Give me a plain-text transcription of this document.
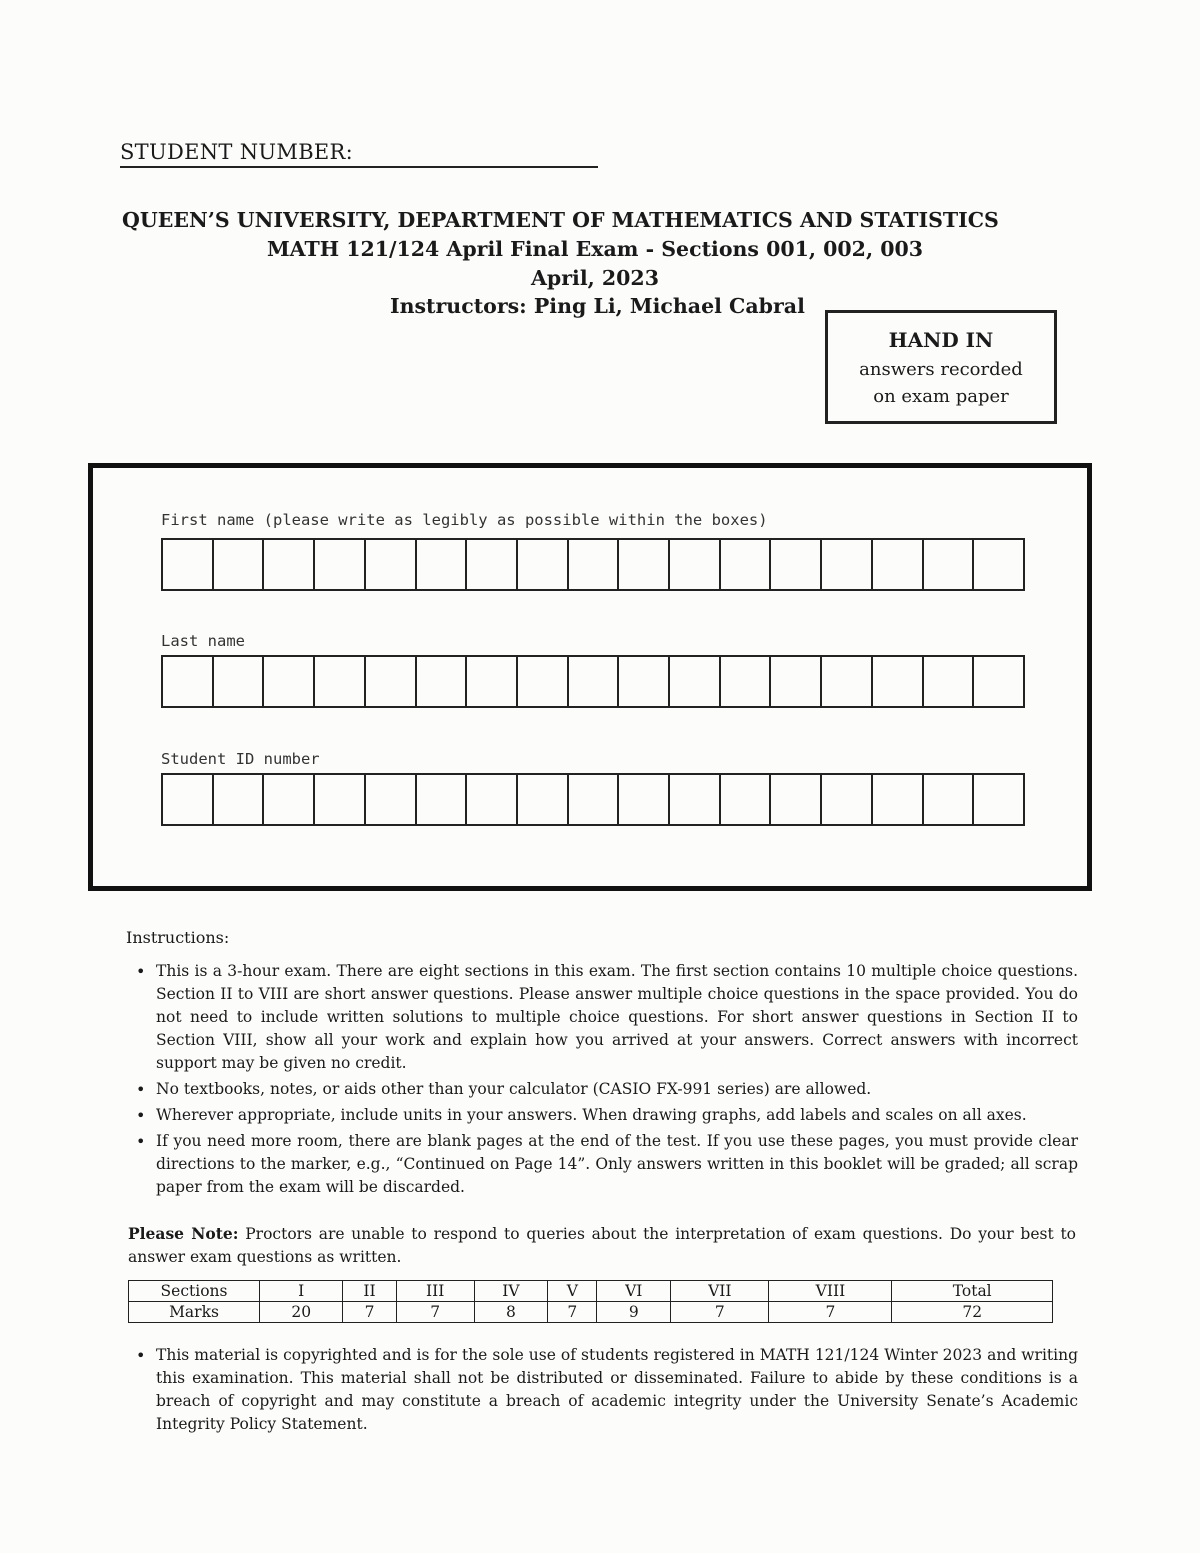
STUDENT NUMBER:
QUEEN’S UNIVERSITY, DEPARTMENT OF MATHEMATICS AND STATISTICS
MATH 121/124 April Final Exam - Sections 001, 002, 003
April, 2023
Instructors: Ping Li, Michael Cabral
HAND IN
answers recorded
on exam paper
First name (please write as legibly as possible within the boxes)
Last name
Student ID number
Instructions:
• This is a 3-hour exam. There are eight sections in this exam. The first section contains 10 multiple choice questions. Section II to VIII are short answer questions. Please answer multiple choice questions in the space provided. You do not need to include written solutions to multiple choice questions. For short answer questions in Section II to Section VIII, show all your work and explain how you arrived at your answers. Correct answers with incorrect support may be given no credit.
• No textbooks, notes, or aids other than your calculator (CASIO FX-991 series) are allowed.
• Wherever appropriate, include units in your answers. When drawing graphs, add labels and scales on all axes.
• If you need more room, there are blank pages at the end of the test. If you use these pages, you must provide clear directions to the marker, e.g., “Continued on Page 14”. Only answers written in this booklet will be graded; all scrap paper from the exam will be discarded.
Please Note: Proctors are unable to respond to queries about the interpretation of exam questions. Do your best to answer exam questions as written.
Sections	I	II	III	IV	V	VI	VII	VIII	Total
Marks	20	7	7	8	7	9	7	7	72
• This material is copyrighted and is for the sole use of students registered in MATH 121/124 Winter 2023 and writing this examination. This material shall not be distributed or disseminated. Failure to abide by these conditions is a breach of copyright and may constitute a breach of academic integrity under the University Senate’s Academic Integrity Policy Statement.
